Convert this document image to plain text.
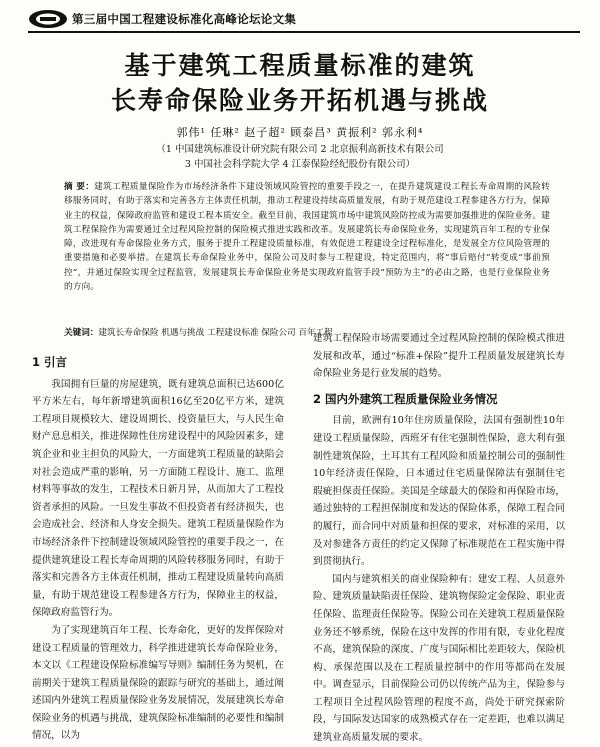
第三届中国工程建设标准化高峰论坛论文集
基于建筑工程质量标准的建筑
长寿命保险业务开拓机遇与挑战
郭伟¹ 任琳² 赵子超² 顾泰昌³ 黄振利² 郭永利⁴
（1 中国建筑标准设计研究院有限公司 2 北京振利高新技术有限公司
3 中国社会科学院大学 4 江泰保险经纪股份有限公司）
摘 要：建筑工程质量保险作为市场经济条件下建设领域风险管控的重要手段之一，在提升建筑建设工程长寿命周期的风险转移服务同时，有助于落实和完善各方主体责任机制，推动工程建设持续高质量发展，有助于规范建设工程参建各方行为，保障业主的权益，保障政府监管和建设工程本质安全。截至目前，我国建筑市场中建筑风险防控成为需要加强推进的保险业务。建筑工程保险作为需要通过全过程风险控制的保险模式推进实践和改革。发展建筑长寿命保险业务，实现建筑百年工程的专业保障，改进现有寿命保险业务方式，服务于提升工程建设质量标准，有效促进工程建设全过程标准化，是发展全方位风险管理的重要措施和必要举措。在建筑长寿命保险业务中，保险公司及时参与工程建设，特定范围内，将“事后赔付”转变成“事前预控”，并通过保险实现全过程监管，发展建筑长寿命保险业务是实现政府监管手段“预防为主”的必由之路，也是行业保险业务的方向。
关键词：建筑长寿命保险 机遇与挑战 工程建设标准 保险公司 百年工程
1 引言

我国拥有巨量的房屋建筑，既有建筑总面积已达600亿平方米左右，每年新增建筑面积16亿至20亿平方米，建筑工程项目规模较大、建设周期长、投资量巨大，与人民生命财产息息相关，推进保障性住房建设程中的风险因素多，建筑企业和业主担负的风险大，一方面建筑工程质量的缺陷会对社会造成严重的影响，另一方面随工程设计、施工、监理材料等事故的发生，工程技术日新月异，从而加大了工程投资者承担的风险。一旦发生事故不但投资者有经济损失，也会造成社会、经济和人身安全损失。建筑工程质量保险作为市场经济条件下控制建设领域风险管控的重要手段之一，在提供建筑建设工程长寿命周期的风险转移服务同时，有助于落实和完善各方主体责任机制，推动工程建设质量转向高质量，有助于规范建设工程参建各方行为，保障业主的权益，保障政府监管行为。

为了实现建筑百年工程、长寿命化，更好的发挥保险对建设工程质量的管理效力，科学推进建筑长寿命保险业务，本文以《工程建设保险标准编写导则》编制任务为契机，在前期关于建筑工程质量保险的跟踪与研究的基础上，通过阐述国内外建筑工程质量保险业务发展情况，发展建筑长寿命保险业务的机遇与挑战，建筑保险标准编制的必要性和编制情况，以为

建筑工程保险市场需要通过全过程风险控制的保险模式推进发展和改革，通过“标准+保险”提升工程质量发展建筑长寿命保险业务是行业发展的趋势。

2 国内外建筑工程质量保险业务情况

目前，欧洲有10年住房质量保险，法国有强制性10年建设工程质量保险，西班牙有住宅强制性保险，意大利有强制性建筑保险，土耳其有工程风险和质量控制公司的强制性10年经济责任保险，日本通过住宅质量保障法有强制住宅瑕疵担保责任保险。美国是全球最大的保险和再保险市场，通过独特的工程担保制度和发达的保险体系，保障工程合同的履行，而合同中对质量和担保的要求，对标准的采用，以及对参建各方责任的约定又保障了标准规范在工程实施中得到贯彻执行。

国内与建筑相关的商业保险种有：建安工程、人员意外险、建筑质量缺陷责任保险、建筑物保险定金保险、职业责任保险、监理责任保险等。保险公司在关建筑工程质量保险业务还不够系统，保险在这中发挥的作用有限，专业化程度不高，建筑保险的深度、广度与国际相比差距较大，保险机构、承保范围以及在工程质量控制中的作用等都尚在发展中。调查显示，目前保险公司仍以传统产品为主，保险参与工程项目全过程风险管理的程度不高，尚处于研究探索阶段，与国际发达国家的成熟模式存在一定差距，也难以满足建筑业高质量发展的要求。
